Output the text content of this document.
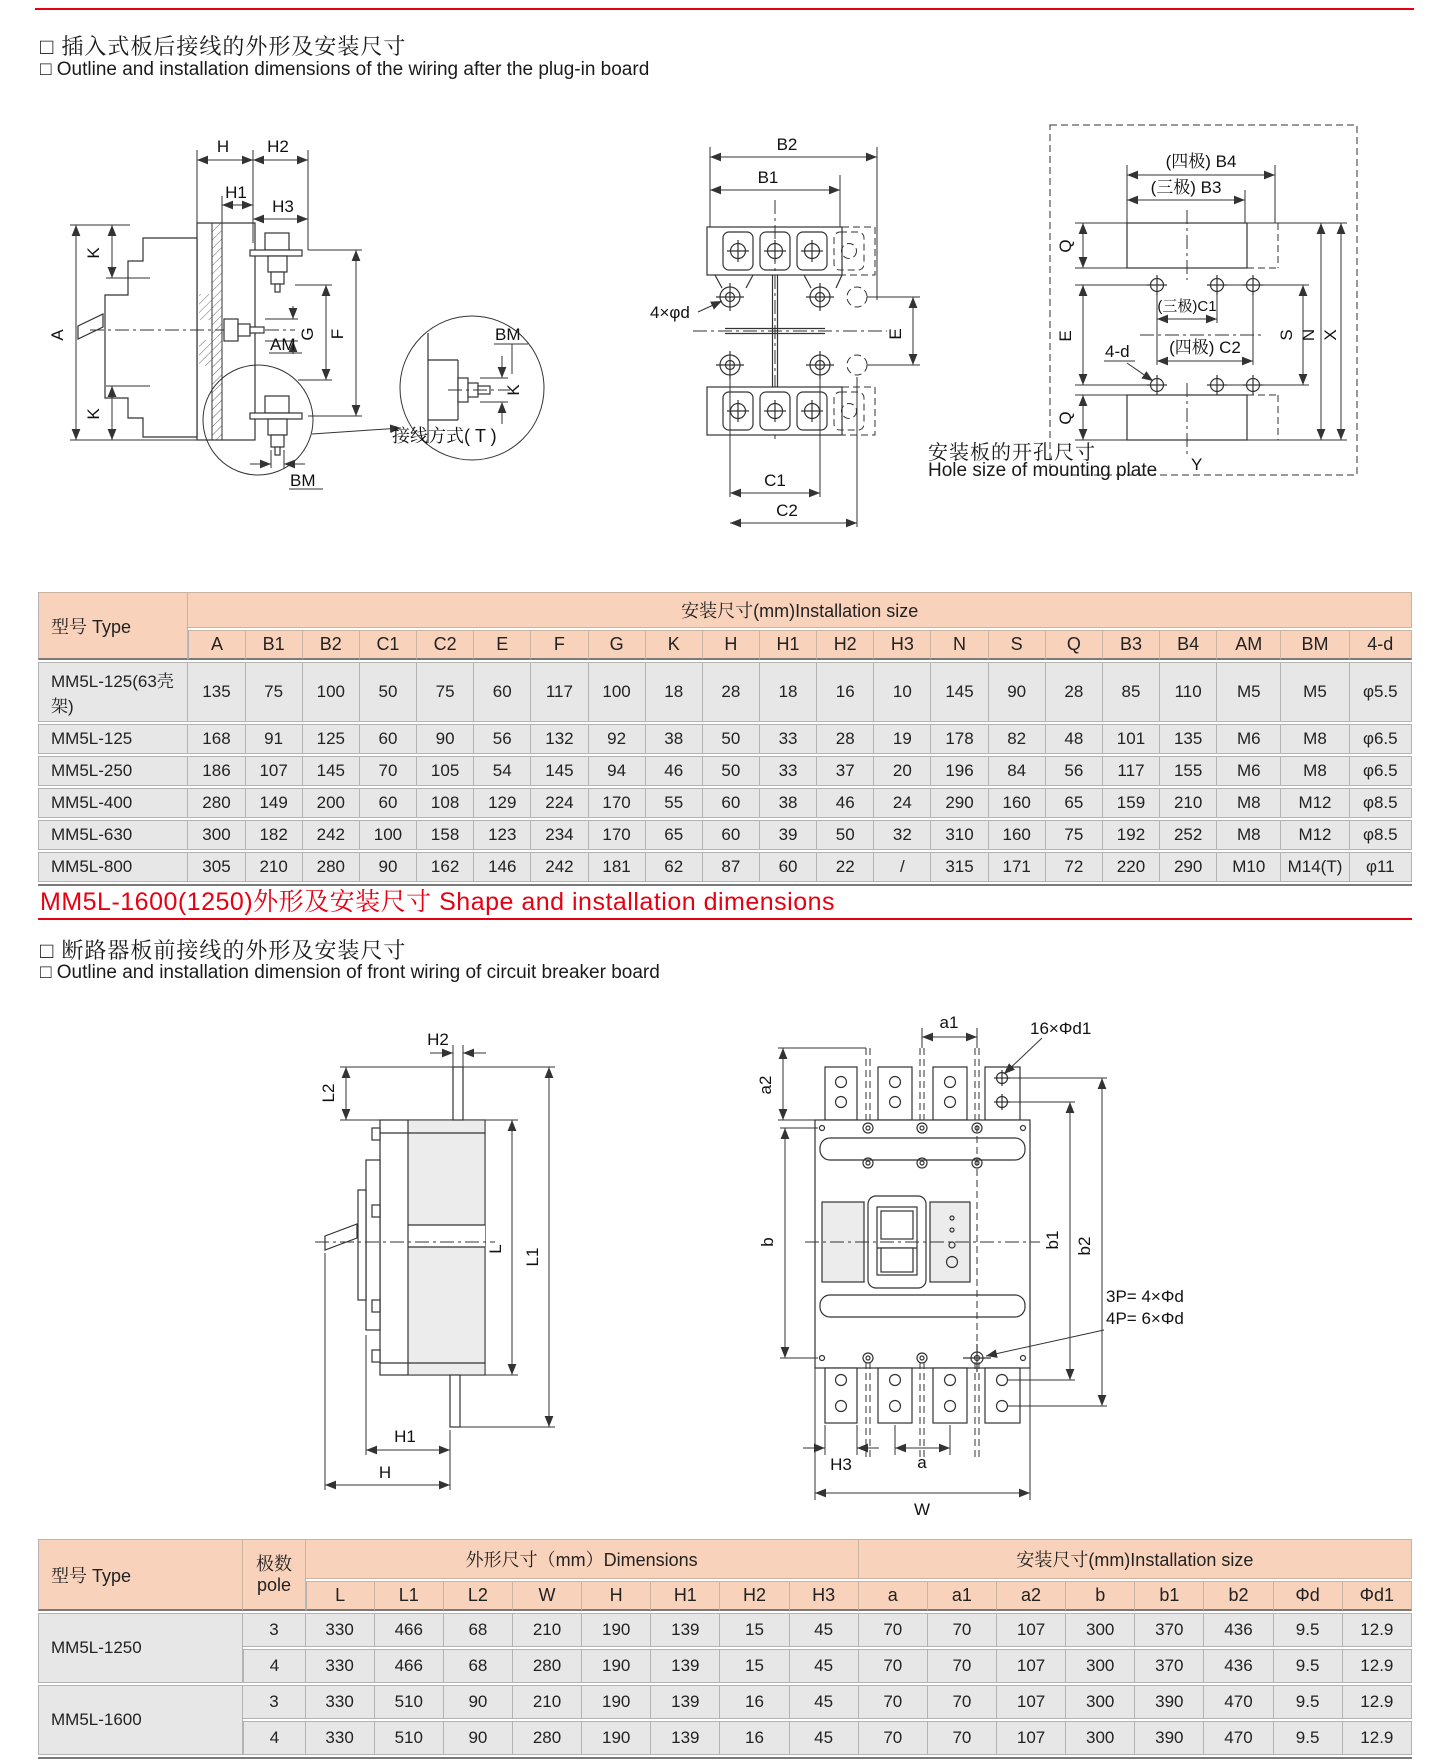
□ 插入式板后接线的外形及安装尺寸
□ Outline and installation dimensions of the wiring after the plug-in board
H H2
H1
H3
A
K
K
AM
G F
BM
BM
K
接线方式( T )
B2
B1
4×φd
E
C1
C2
(四极) B4
(三极) B3
Q
E
Q
(三极)C1
(四极) C2
4-d
S N X
Y
安装板的开孔尺寸
Hole size of mounting plate
型号 Type	安装尺寸(mm)Installation size																				
	A	B1	B2	C1	C2	E	F	G	K	H	H1	H2	H3	N	S	Q	B3	B4	AM	BM	4-d
MM5L-125(63壳架)	135	75	100	50	75	60	117	100	18	28	18	16	10	145	90	28	85	110	M5	M5	φ5.5
MM5L-125	168	91	125	60	90	56	132	92	38	50	33	28	19	178	82	48	101	135	M6	M8	φ6.5
MM5L-250	186	107	145	70	105	54	145	94	46	50	33	37	20	196	84	56	117	155	M6	M8	φ6.5
MM5L-400	280	149	200	60	108	129	224	170	55	60	38	46	24	290	160	65	159	210	M8	M12	φ8.5
MM5L-630	300	182	242	100	158	123	234	170	65	60	39	50	32	310	160	75	192	252	M8	M12	φ8.5
MM5L-800	305	210	280	90	162	146	242	181	62	87	60	22	/	315	171	72	220	290	M10	M14(T)	φ11
MM5L-1600(1250)外形及安装尺寸 Shape and installation dimensions
□ 断路器板前接线的外形及安装尺寸
□ Outline and installation dimension of front wiring of circuit breaker board
H2
L2
L L1
H1
H
a1	16×Φd1
a2
b	b1 b2
3P= 4×Φd
4P= 6×Φd
H3	a
W
型号 Type	极数
pole	外形尺寸（mm）Dimensions								安装尺寸(mm)Installation size							
		L	L1	L2	W	H	H1	H2	H3	a	a1	a2	b	b1	b2	Φd	Φd1
MM5L-1250	3	330	466	68	210	190	139	15	45	70	70	107	300	370	436	9.5	12.9
	4	330	466	68	280	190	139	15	45	70	70	107	300	370	436	9.5	12.9
MM5L-1600	3	330	510	90	210	190	139	16	45	70	70	107	300	390	470	9.5	12.9
	4	330	510	90	280	190	139	16	45	70	70	107	300	390	470	9.5	12.9
